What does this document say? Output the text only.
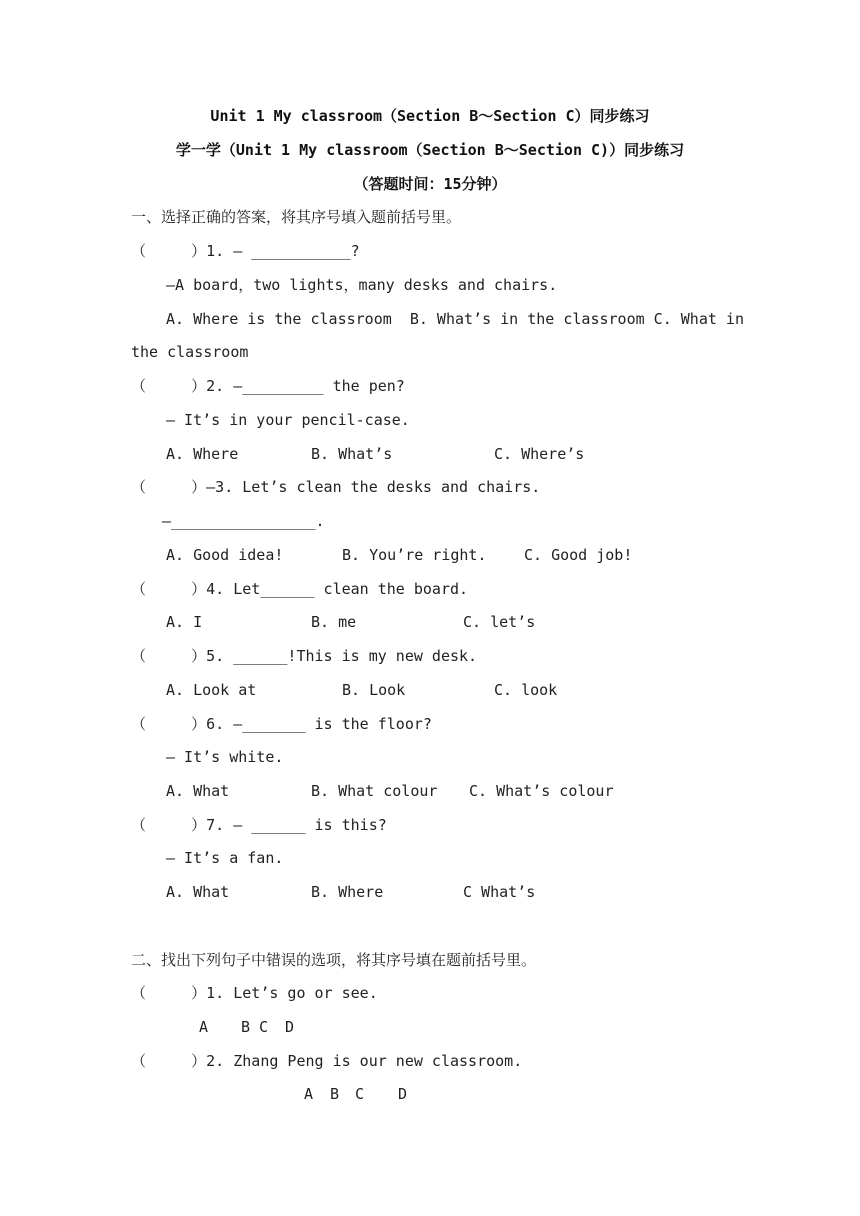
Unit 1 My classroom（Section B～Section C）同步练习
学一学（Unit 1 My classroom（Section B～Section C)）同步练习
（答题时间：15分钟）
一、选择正确的答案，将其序号填入题前括号里。
（     ）1. — ___________?
—A board，two lights，many desks and chairs.
A. Where is the classroom  B. What’s in the classroom C. What in
the classroom
（     ）2. —_________ the pen?
— It’s in your pencil-case.
A. Where	B. What’s	C. Where’s
（     ）—3. Let’s clean the desks and chairs.
—________________.
A. Good idea!	B. You’re right.	C. Good job!
（     ）4. Let______ clean the board.
A. I	B. me	C. let’s
（     ）5. ______!This is my new desk.
A. Look at	B. Look	C. look
（     ）6. —_______ is the floor?
— It’s white.
A. What	B. What colour C. What’s colour
（     ）7. — ______ is this?
— It’s a fan.
A. What	B. Where	C What’s
二、找出下列句子中错误的选项，将其序号填在题前括号里。
（     ）1. Let’s go or see.
A B C D
（     ）2. Zhang Peng is our new classroom.
A B C D
